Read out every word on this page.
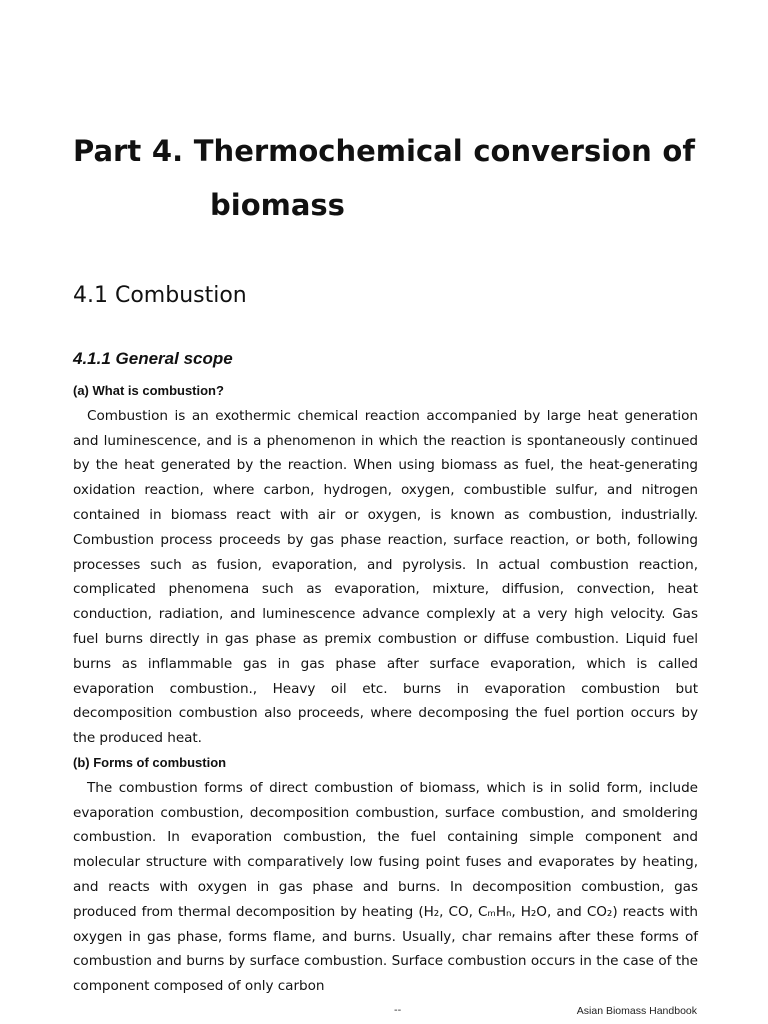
Part 4. Thermochemical conversion of
biomass
4.1 Combustion
4.1.1 General scope
(a) What is combustion?

Combustion is an exothermic chemical reaction accompanied by large heat generation and luminescence, and is a phenomenon in which the reaction is spontaneously continued by the heat generated by the reaction. When using biomass as fuel, the heat-generating oxidation reaction, where carbon, hydrogen, oxygen, combustible sulfur, and nitrogen contained in biomass react with air or oxygen, is known as combustion, industrially. Combustion process proceeds by gas phase reaction, surface reaction, or both, following processes such as fusion, evaporation, and pyrolysis. In actual combustion reaction, complicated phenomena such as evaporation, mixture, diffusion, convection, heat conduction, radiation, and luminescence advance complexly at a very high velocity. Gas fuel burns directly in gas phase as premix combustion or diffuse combustion. Liquid fuel burns as inflammable gas in gas phase after surface evaporation, which is called evaporation combustion., Heavy oil etc. burns in evaporation combustion but decomposition combustion also proceeds, where decomposing the fuel portion occurs by the produced heat.

(b) Forms of combustion

The combustion forms of direct combustion of biomass, which is in solid form, include evaporation combustion, decomposition combustion, surface combustion, and smoldering combustion. In evaporation combustion, the fuel containing simple component and molecular structure with comparatively low fusing point fuses and evaporates by heating, and reacts with oxygen in gas phase and burns. In decomposition combustion, gas produced from thermal decomposition by heating (H₂, CO, CₘHₙ, H₂O, and CO₂) reacts with oxygen in gas phase, forms flame, and burns. Usually, char remains after these forms of combustion and burns by surface combustion. Surface combustion occurs in the case of the component composed of only carbon

--	Asian Biomass Handbook
